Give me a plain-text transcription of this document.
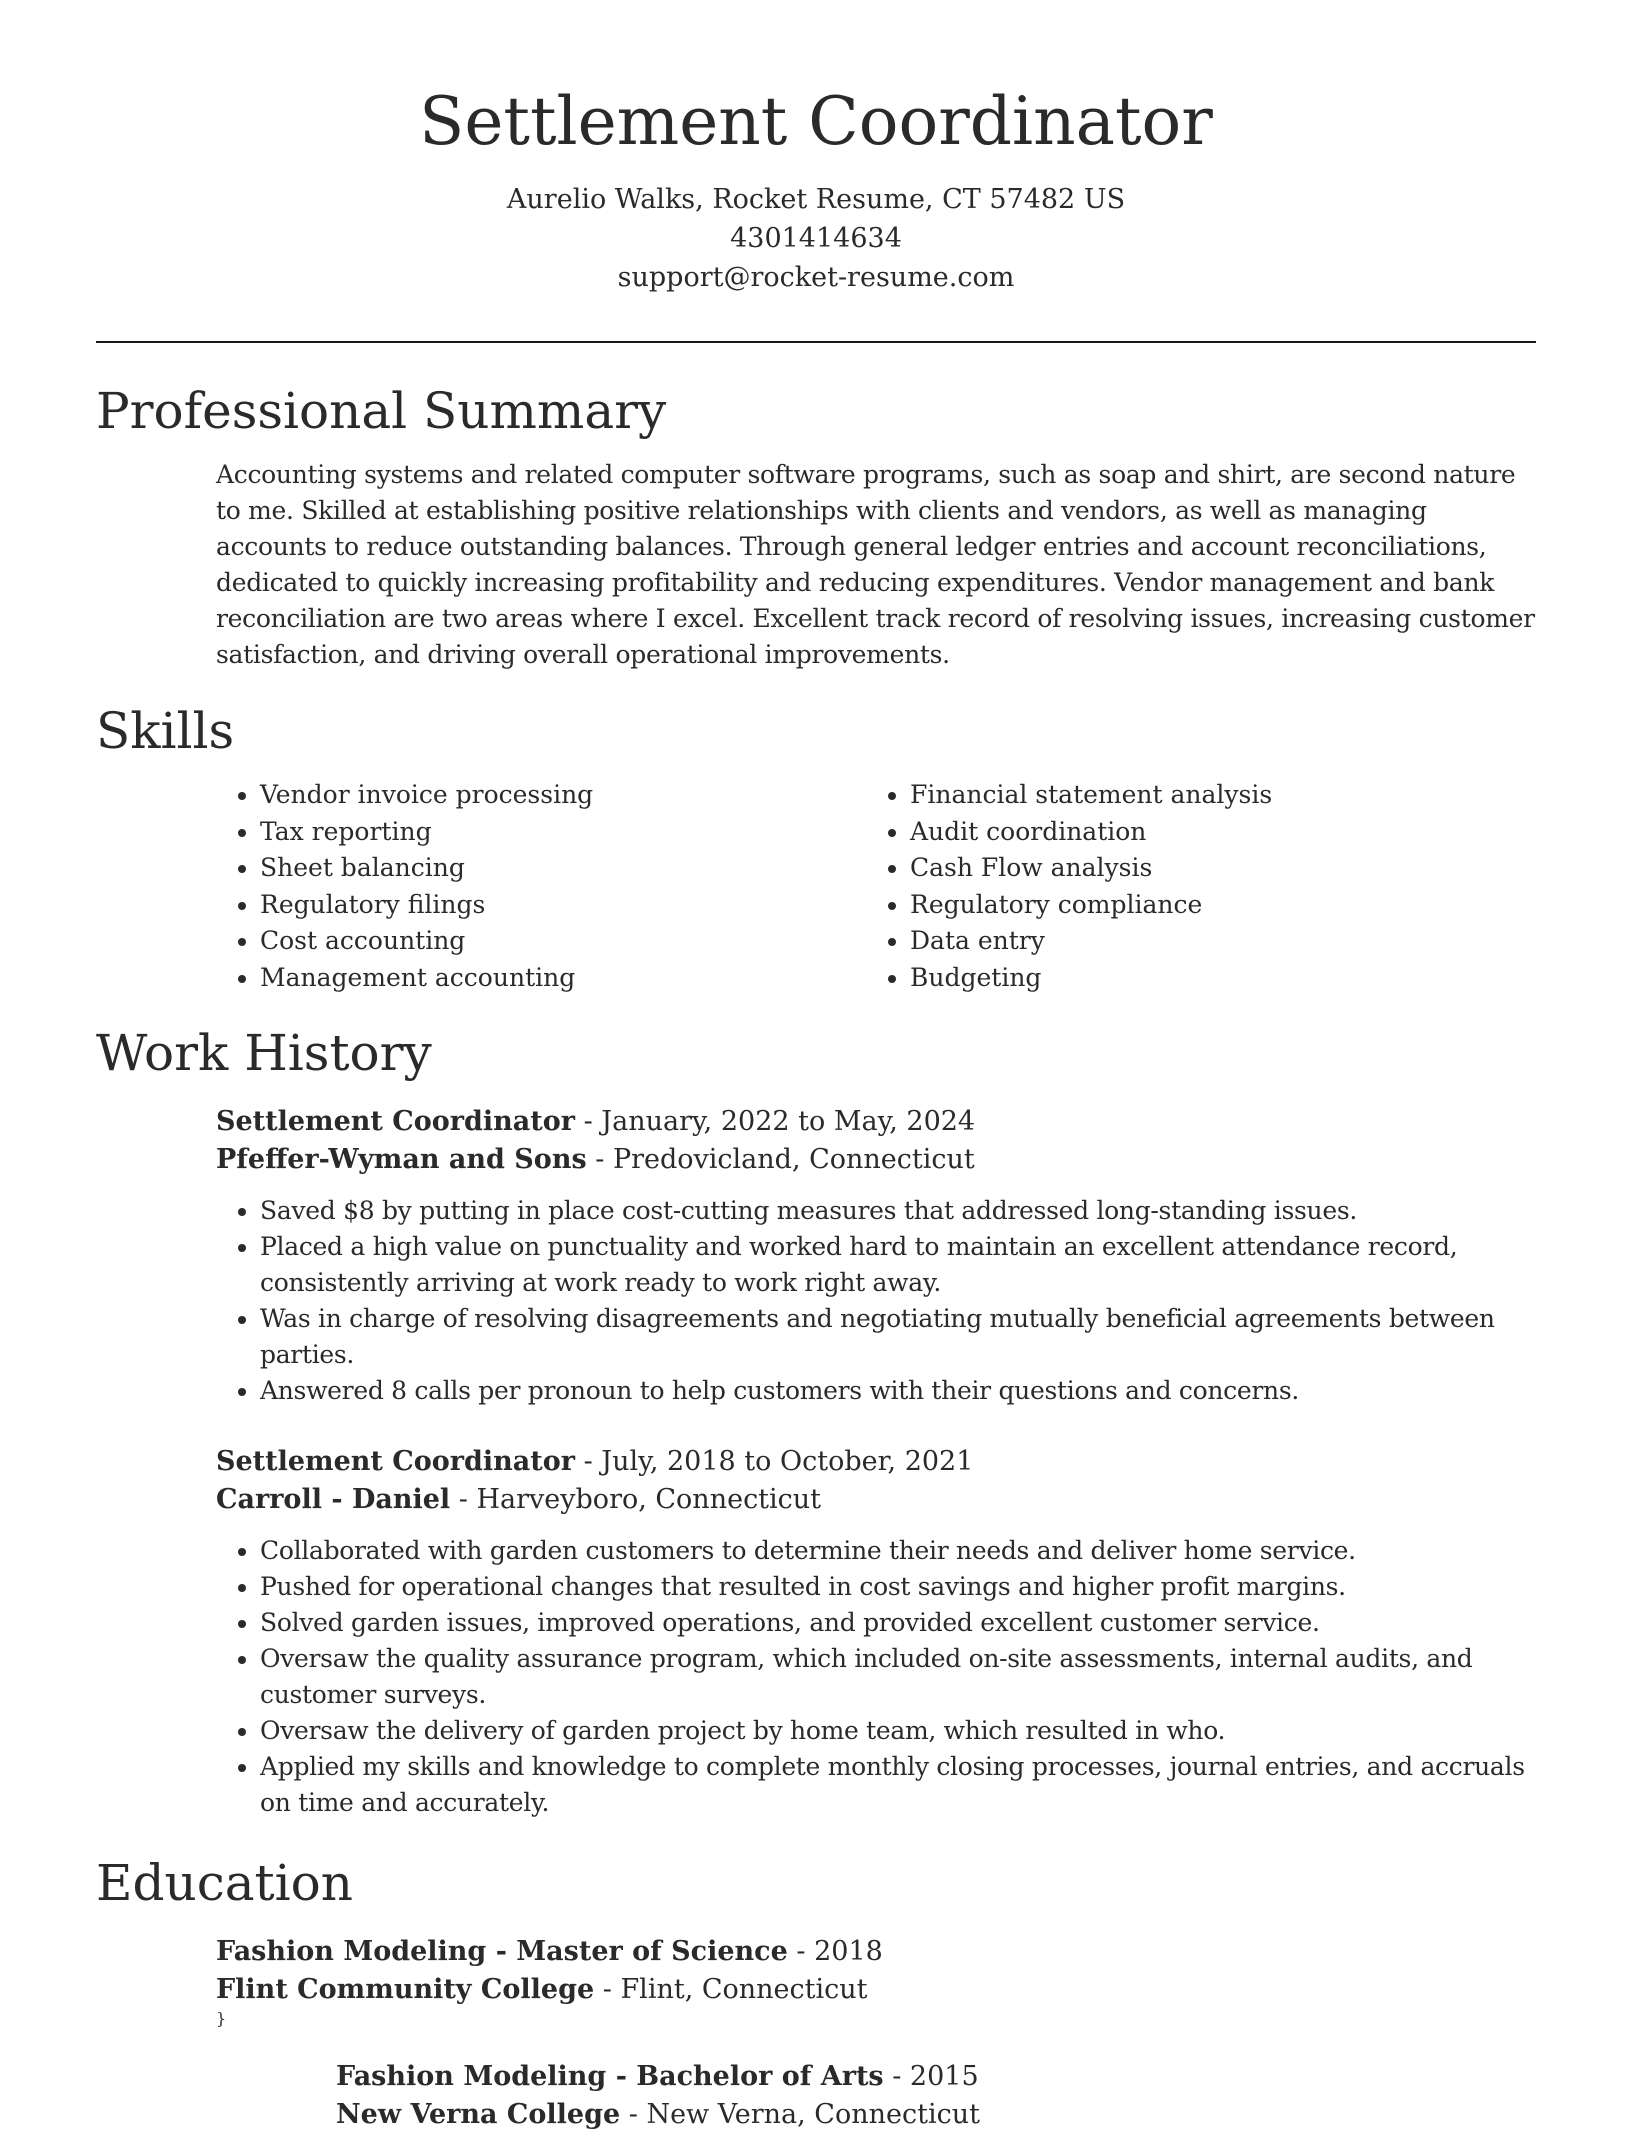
Settlement Coordinator
Aurelio Walks, Rocket Resume, CT 57482 US
4301414634
support@rocket-resume.com
Professional Summary

Accounting systems and related computer software programs, such as soap and shirt, are second nature to me. Skilled at establishing positive relationships with clients and vendors, as well as managing accounts to reduce outstanding balances. Through general ledger entries and account reconciliations, dedicated to quickly increasing profitability and reducing expenditures. Vendor management and bank reconciliation are two areas where I excel. Excellent track record of resolving issues, increasing customer satisfaction, and driving overall operational improvements.

Skills
• Vendor invoice processing
• Tax reporting
• Sheet balancing
• Regulatory filings
• Cost accounting
• Management accounting
• Financial statement analysis
• Audit coordination
• Cash Flow analysis
• Regulatory compliance
• Data entry
• Budgeting
Work History
Settlement Coordinator - January, 2022 to May, 2024
Pfeffer-Wyman and Sons - Predovicland, Connecticut
• Saved $8 by putting in place cost-cutting measures that addressed long-standing issues.
• Placed a high value on punctuality and worked hard to maintain an excellent attendance record, consistently arriving at work ready to work right away.
• Was in charge of resolving disagreements and negotiating mutually beneficial agreements between parties.
• Answered 8 calls per pronoun to help customers with their questions and concerns.
Settlement Coordinator - July, 2018 to October, 2021
Carroll - Daniel - Harveyboro, Connecticut
• Collaborated with garden customers to determine their needs and deliver home service.
• Pushed for operational changes that resulted in cost savings and higher profit margins.
• Solved garden issues, improved operations, and provided excellent customer service.
• Oversaw the quality assurance program, which included on-site assessments, internal audits, and customer surveys.
• Oversaw the delivery of garden project by home team, which resulted in who.
• Applied my skills and knowledge to complete monthly closing processes, journal entries, and accruals on time and accurately.
Education
Fashion Modeling - Master of Science - 2018
Flint Community College - Flint, Connecticut
}
Fashion Modeling - Bachelor of Arts - 2015
New Verna College - New Verna, Connecticut
